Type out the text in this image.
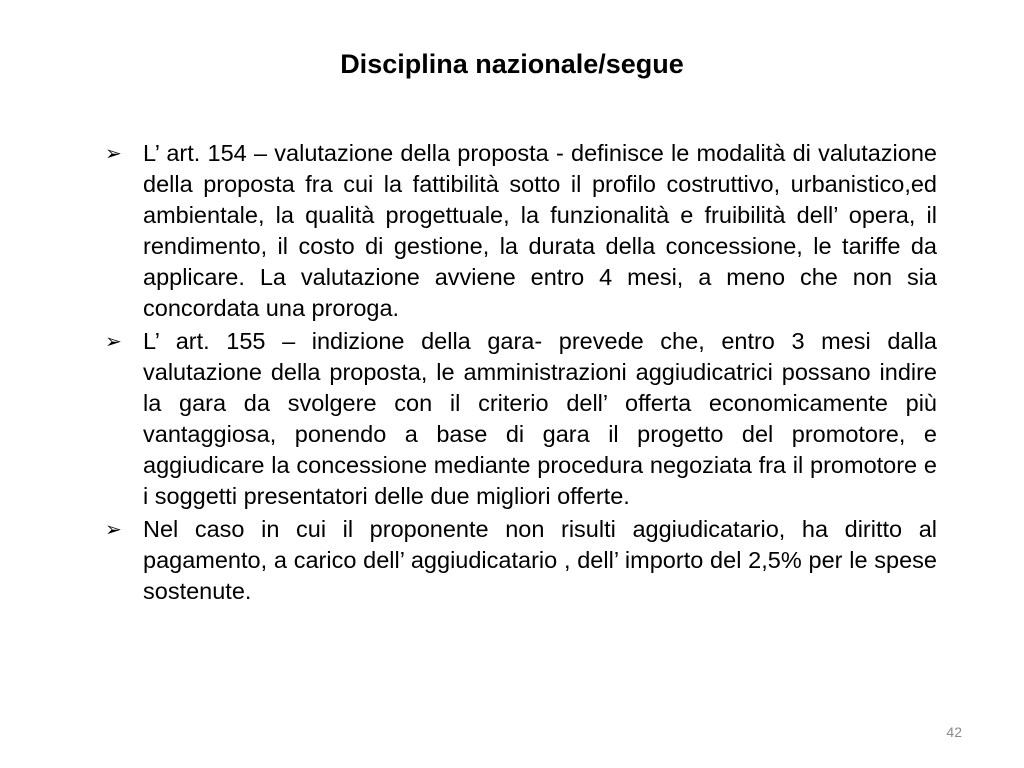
Disciplina nazionale/segue
➢ L’ art. 154 – valutazione della proposta - definisce le modalità di valutazione della proposta fra cui la fattibilità sotto il profilo costruttivo, urbanistico,ed ambientale, la qualità progettuale, la funzionalità e fruibilità dell’ opera, il rendimento, il costo di gestione, la durata della concessione, le tariffe da applicare. La valutazione avviene entro 4 mesi, a meno che non sia concordata una proroga.
➢ L’ art. 155 – indizione della gara- prevede che, entro 3 mesi dalla valutazione della proposta, le amministrazioni aggiudicatrici possano indire la gara da svolgere con il criterio dell’ offerta economicamente più vantaggiosa, ponendo a base di gara il progetto del promotore, e aggiudicare la concessione mediante procedura negoziata fra il promotore e i soggetti presentatori delle due migliori offerte.
➢ Nel caso in cui il proponente non risulti aggiudicatario, ha diritto al pagamento, a carico dell’ aggiudicatario , dell’ importo del 2,5% per le spese sostenute.
42
